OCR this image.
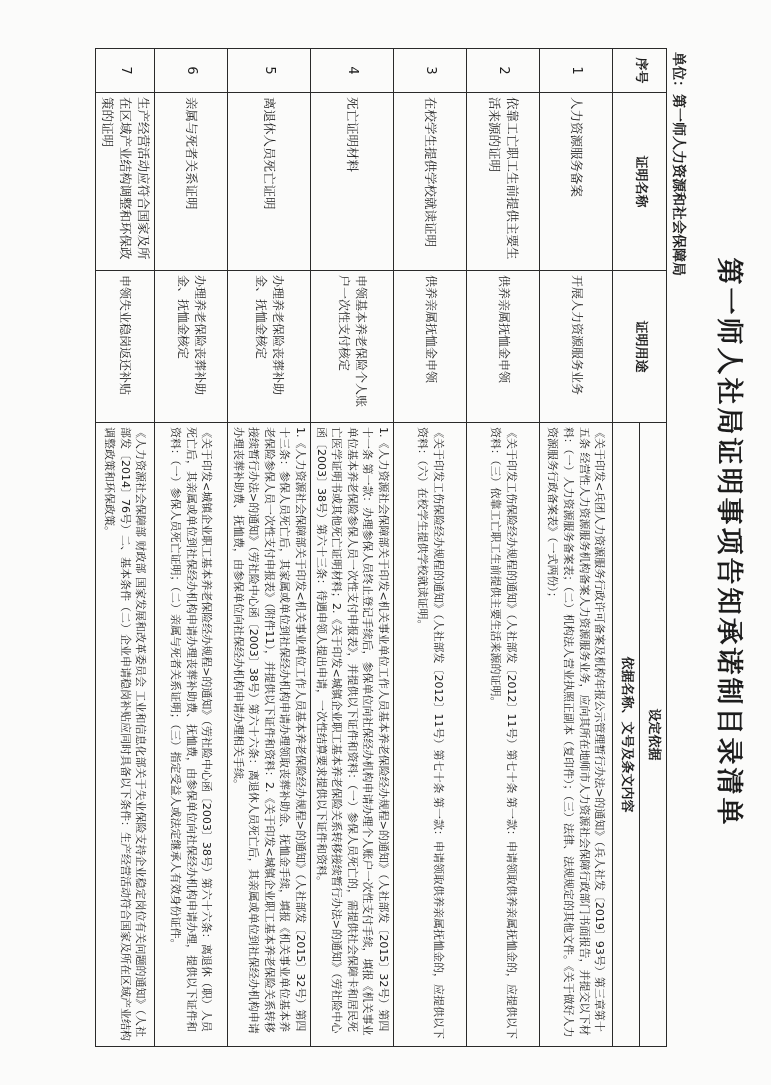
第一师人社局证明事项告知承诺制目录清单
单位：第一师人力资源和社会保障局
序号	证明名称	证明用途	设定依据
			依据名称、文号及条文内容
1	人力资源服务备案	开展人力资源服务业务	《关于印发<兵团人力资源服务行政许可备案及机构年报公示管理暂行办法>的通知》（兵人社发〔2019〕93号）第三章第十五条 经营性人力资源服务机构备案人力资源服务业务，应向其所在地师市人力资源社会保障行政部门书面报告，并提交以下材料：（一）人力资源服务备案表；（二）机构法人营业执照正副本（复印件）；（三）法律、法规规定的其他文件。《关于做好人力资源服务行政备案表》（一式两份）；
2	依靠工亡职工生前提供主要生活来源的证明	供养亲属抚恤金申领	《关于印发工伤保险经办规程的通知》（人社部发〔2012〕11号）第七十条 第一款：申请领取供养亲属抚恤金的，应提供以下资料：（三）依靠工亡职工生前提供主要生活来源的证明。
3	在校学生提供学校就读证明	供养亲属抚恤金申领	《关于印发工伤保险经办规程的通知》（人社部发〔2012〕11号）第七十条 第一款：申请领取供养亲属抚恤金的，应提供以下资料：（六）在校学生提供学校就读证明。
4	死亡证明材料	申领基本养老保险个人账户一次性支付核定	1.《人力资源社会保障部关于印发<机关事业单位工作人员基本养老保险经办规程>的通知》（人社部发〔2015〕32号）第四十一条 第一款：办理参保人员终止登记手续后，参保单位向社保经办机构申请办理个人账户一次性支付手续，填报《机关事业单位基本养老保险参保人员一次性支付申报表》，并提供以下证件和资料：（一）参保人员死亡的，需提供社会保障卡和居民死亡医学证明书或其他死亡证明材料；2.《关于印发<城镇企业职工基本养老保险关系转移接续暂行办法>的通知》（劳社险中心函〔2003〕38号）第六十三条：待遇申领人提出申请，一次性结算要求提供以下证件和资料。
5	离退休人员死亡证明	办理养老保险丧葬补助金、抚恤金核定	1.《人力资源社会保障部关于印发<机关事业单位工作人员基本养老保险经办规程>的通知》（人社部发〔2015〕32号）第四十三条：参保人员死亡后，其家属或单位到社保经办机构申请办理领取丧葬补助金、抚恤金手续，填报《机关事业单位基本养老保险参保人员一次性支付申报表》（附件11），并提供以下证件和资料：2.《关于印发<城镇企业职工基本养老保险关系转移接续暂行办法>的通知》（劳社险中心函〔2003〕38号）第六十六条：离退休人员死亡后，其亲属或单位到社保经办机构申请办理丧葬补助费、抚恤费，由参保单位向社保经办机构申请办理相关手续。
6	亲属与死者关系证明	办理养老保险丧葬补助金、抚恤金核定	《关于印发<城镇企业职工基本养老保险经办规程>的通知》（劳社险中心函〔2003〕38号）第六十六条：离退休（职）人员死亡后，其亲属或单位到社保经办机构申请办理丧葬补助费、抚恤费，由参保单位向社保经办机构申请办理，提供以下证件和资料：（一）参保人员死亡证明；（二）亲属与死者关系证明；（三）指定受益人或法定继承人有效身份证件。
7	生产经营活动应符合国家及所在区域产业结构调整和环保政策的证明	申领失业稳岗返还补贴	《人力资源社会保障部 财政部 国家发展和改革委员会 工业和信息化部关于失业保险支持企业稳定岗位有关问题的通知》（人社部发〔2014〕76号）二、基本条件（二）企业申请稳岗补贴应同时具备以下条件：生产经营活动符合国家及所在区域产业结构调整政策和环保政策。
